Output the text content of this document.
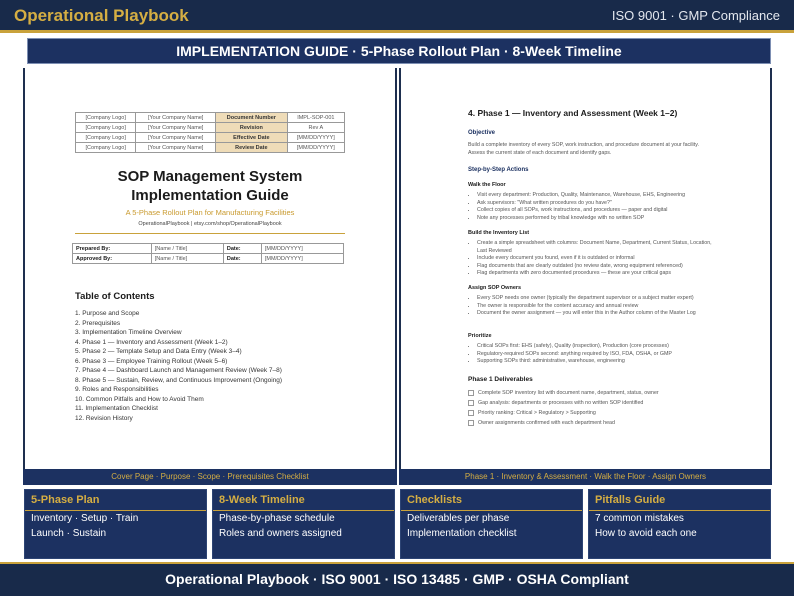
Operational Playbook	ISO 9001 · GMP Compliance
IMPLEMENTATION GUIDE · 5-Phase Rollout Plan · 8-Week Timeline
[Company Logo]	[Your Company Name]	Document Number	IMPL-SOP-001
[Company Logo]	[Your Company Name]	Revision	Rev A
[Company Logo]	[Your Company Name]	Effective Date	[MM/DD/YYYY]
[Company Logo]	[Your Company Name]	Review Date	[MM/DD/YYYY]
SOP Management System
Implementation Guide
A 5-Phase Rollout Plan for Manufacturing Facilities
OperationalPlaybook | etsy.com/shop/OperationalPlaybook
Prepared By:	[Name / Title]	Date:	[MM/DD/YYYY]
Approved By:	[Name / Title]	Date:	[MM/DD/YYYY]
Table of Contents
1. Purpose and Scope
2. Prerequisites
3. Implementation Timeline Overview
4. Phase 1 — Inventory and Assessment (Week 1–2)
5. Phase 2 — Template Setup and Data Entry (Week 3–4)
6. Phase 3 — Employee Training Rollout (Week 5–6)
7. Phase 4 — Dashboard Launch and Management Review (Week 7–8)
8. Phase 5 — Sustain, Review, and Continuous Improvement (Ongoing)
9. Roles and Responsibilities
10. Common Pitfalls and How to Avoid Them
11. Implementation Checklist
12. Revision History
Cover Page · Purpose · Scope · Prerequisites Checklist
4. Phase 1 — Inventory and Assessment (Week 1–2)
Objective
Build a complete inventory of every SOP, work instruction, and procedure document at your facility. Assess the current state of each document and identify gaps.
Step-by-Step Actions
Walk the Floor
• Visit every department: Production, Quality, Maintenance, Warehouse, EHS, Engineering
• Ask supervisors: "What written procedures do you have?"
• Collect copies of all SOPs, work instructions, and procedures — paper and digital
• Note any processes performed by tribal knowledge with no written SOP
Build the Inventory List
• Create a simple spreadsheet with columns: Document Name, Department, Current Status, Location, Last Reviewed
• Include every document you found, even if it is outdated or informal
• Flag documents that are clearly outdated (no review date, wrong equipment referenced)
• Flag departments with zero documented procedures — these are your critical gaps
Assign SOP Owners
• Every SOP needs one owner (typically the department supervisor or a subject matter expert)
• The owner is responsible for the content accuracy and annual review
• Document the owner assignment — you will enter this in the Author column of the Master Log
Prioritize
• Critical SOPs first: EHS (safety), Quality (inspection), Production (core processes)
• Regulatory-required SOPs second: anything required by ISO, FDA, OSHA, or GMP
• Supporting SOPs third: administrative, warehouse, engineering
Phase 1 Deliverables
Complete SOP inventory list with document name, department, status, owner
Gap analysis: departments or processes with no written SOP identified
Priority ranking: Critical > Regulatory > Supporting
Owner assignments confirmed with each department head
Phase 1 · Inventory & Assessment · Walk the Floor · Assign Owners
5-Phase Plan
Inventory · Setup · Train
Launch · Sustain
8-Week Timeline
Phase-by-phase schedule
Roles and owners assigned
Checklists
Deliverables per phase
Implementation checklist
Pitfalls Guide
7 common mistakes
How to avoid each one
Operational Playbook · ISO 9001 · ISO 13485 · GMP · OSHA Compliant
